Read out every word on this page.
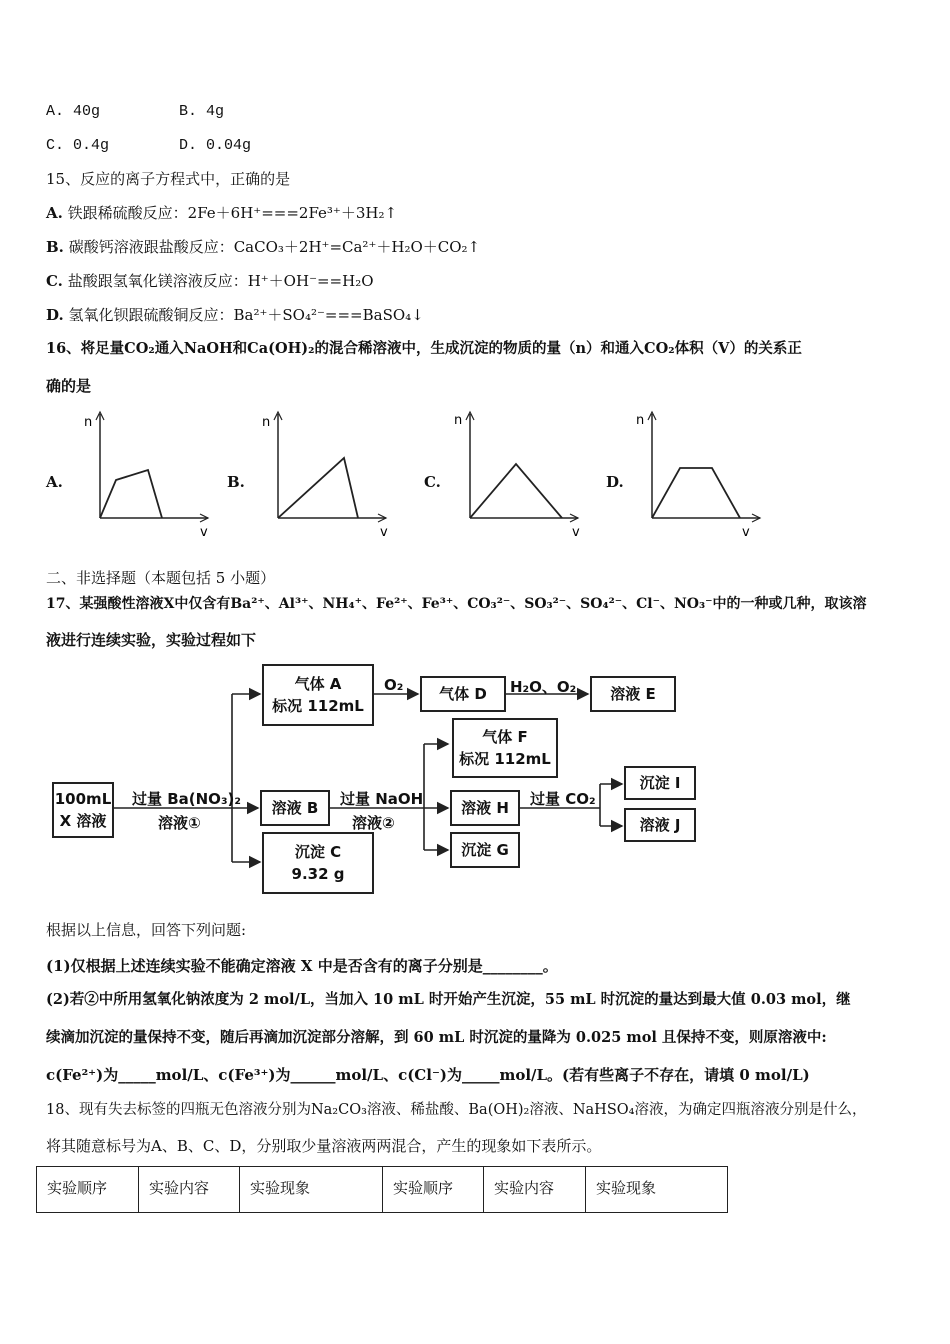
A. 40g	B. 4g
C. 0.4g	D. 0.04g
15、反应的离子方程式中，正确的是
A. 铁跟稀硫酸反应：2Fe＋6H⁺===2Fe³⁺＋3H₂↑
B. 碳酸钙溶液跟盐酸反应：CaCO₃＋2H⁺=Ca²⁺＋H₂O＋CO₂↑
C. 盐酸跟氢氧化镁溶液反应：H⁺＋OH⁻==H₂O
D. 氢氧化钡跟硫酸铜反应：Ba²⁺＋SO₄²⁻===BaSO₄↓
16、将足量CO₂通入NaOH和Ca(OH)₂的混合稀溶液中，生成沉淀的物质的量（n）和通入CO₂体积（V）的关系正
确的是
A.
n
v
B.
n
v
C.
n
v
D.
n
v
二、非选择题（本题包括 5 小题）
17、某强酸性溶液X中仅含有Ba²⁺、Al³⁺、NH₄⁺、Fe²⁺、Fe³⁺、CO₃²⁻、SO₃²⁻、SO₄²⁻、Cl⁻、NO₃⁻中的一种或几种，取该溶
液进行连续实验，实验过程如下
100mL
X 溶液
过量 Ba(NO₃)₂
溶液①
气体 A
标况 112mL
O₂ 气体 D H₂O、O₂ 溶液 E
溶液 B 过量 NaOH
溶液②
沉淀 C
9.32 g
气体 F
标况 112mL
溶液 H
沉淀 G
过量 CO₂
沉淀 I
溶液 J
根据以上信息，回答下列问题:
(1)仅根据上述连续实验不能确定溶液 X 中是否含有的离子分别是________。
(2)若②中所用氢氧化钠浓度为 2 mol/L，当加入 10 mL 时开始产生沉淀，55 mL 时沉淀的量达到最大值 0.03 mol，继
续滴加沉淀的量保持不变，随后再滴加沉淀部分溶解，到 60 mL 时沉淀的量降为 0.025 mol 且保持不变，则原溶液中:
c(Fe²⁺)为_____mol/L、c(Fe³⁺)为______mol/L、c(Cl⁻)为_____mol/L。(若有些离子不存在，请填 0 mol/L)
18、现有失去标签的四瓶无色溶液分别为Na₂CO₃溶液、稀盐酸、Ba(OH)₂溶液、NaHSO₄溶液，为确定四瓶溶液分别是什么，
将其随意标号为A、B、C、D，分别取少量溶液两两混合，产生的现象如下表所示。
实验顺序	实验内容	实验现象	实验顺序	实验内容	实验现象
